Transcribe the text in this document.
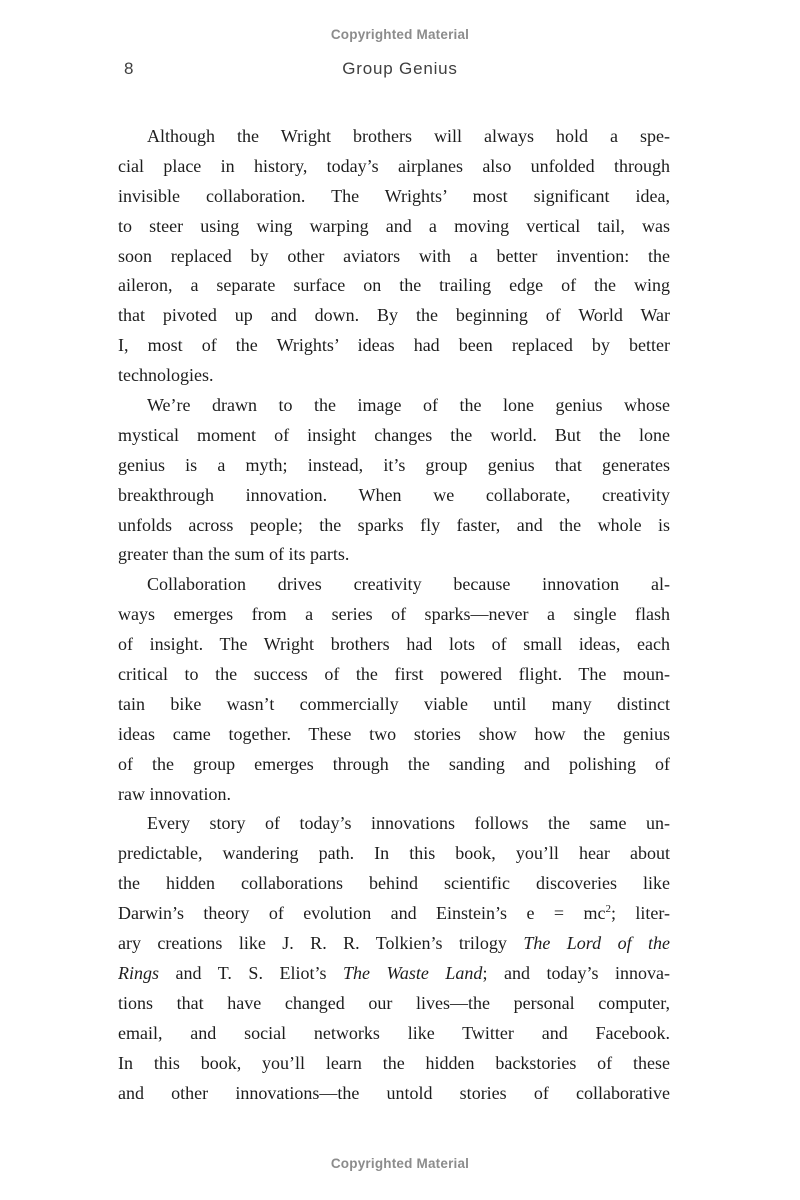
Copyrighted Material
8	Group Genius
Although the Wright brothers will always hold a spe-
cial place in history, today’s airplanes also unfolded through
invisible collaboration. The Wrights’ most significant idea,
to steer using wing warping and a moving vertical tail, was
soon replaced by other aviators with a better invention: the
aileron, a separate surface on the trailing edge of the wing
that pivoted up and down. By the beginning of World War
I, most of the Wrights’ ideas had been replaced by better
technologies.
We’re drawn to the image of the lone genius whose
mystical moment of insight changes the world. But the lone
genius is a myth; instead, it’s group genius that generates
breakthrough innovation. When we collaborate, creativity
unfolds across people; the sparks fly faster, and the whole is
greater than the sum of its parts.
Collaboration drives creativity because innovation al-
ways emerges from a series of sparks—never a single flash
of insight. The Wright brothers had lots of small ideas, each
critical to the success of the first powered flight. The moun-
tain bike wasn’t commercially viable until many distinct
ideas came together. These two stories show how the genius
of the group emerges through the sanding and polishing of
raw innovation.
Every story of today’s innovations follows the same un-
predictable, wandering path. In this book, you’ll hear about
the hidden collaborations behind scientific discoveries like
Darwin’s theory of evolution and Einstein’s $e = mc^2$; liter-
ary creations like J. R. R. Tolkien’s trilogy The Lord of the
Rings and T. S. Eliot’s The Waste Land; and today’s innova-
tions that have changed our lives—the personal computer,
email, and social networks like Twitter and Facebook.
In this book, you’ll learn the hidden backstories of these
and other innovations—the untold stories of collaborative
Copyrighted Material
